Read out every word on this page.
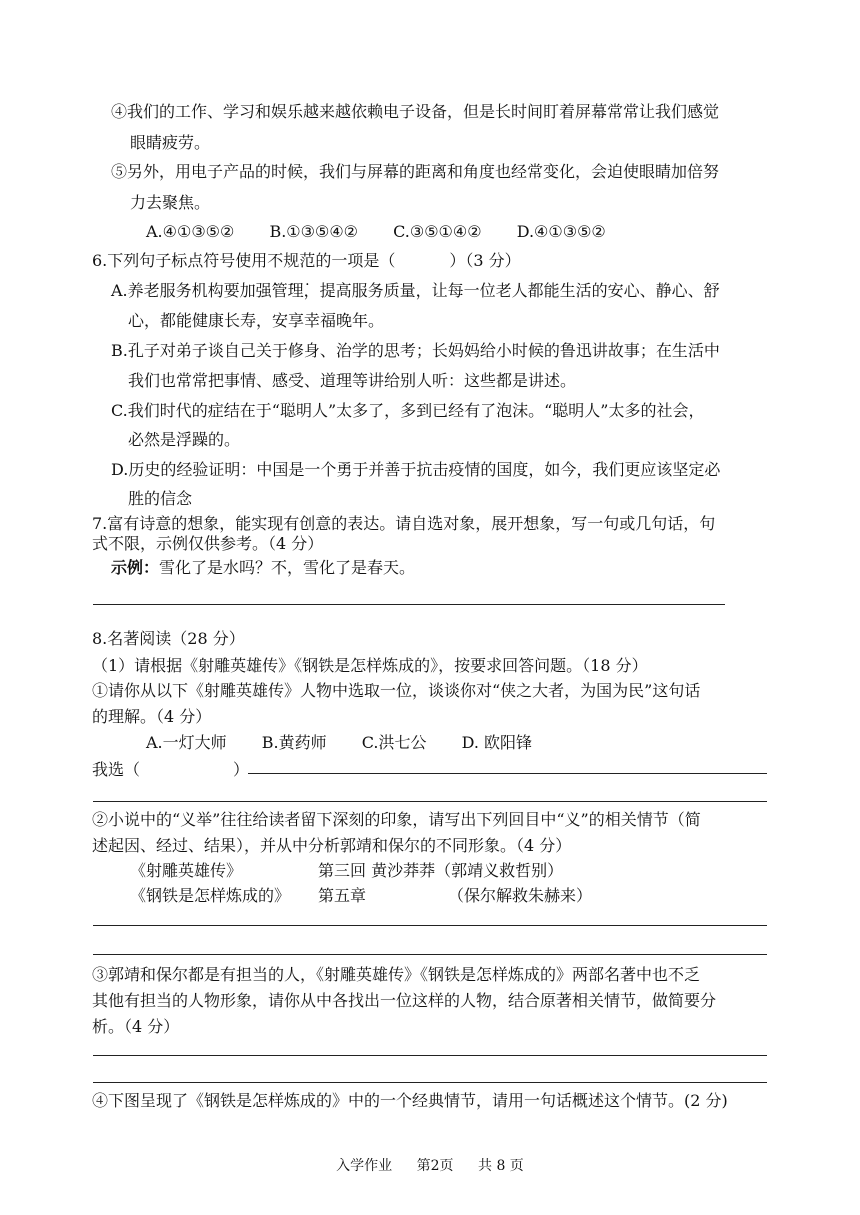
④我们的工作、学习和娱乐越来越依赖电子设备，但是长时间盯着屏幕常常让我们感觉
眼睛疲劳。
⑤另外，用电子产品的时候，我们与屏幕的距离和角度也经常变化，会迫使眼睛加倍努
力去聚焦。
A.④①③⑤② B.①③⑤④② C.③⑤①④② D.④①③⑤②
6.下列句子标点符号使用不规范的一项是（	）（3 分）
A.养老服务机构要加强管理，提高服务质量，让每一位老人都能生活的安心、静心、舒
心，都能健康长寿，安享幸福晚年。
B.孔子对弟子谈自己关于修身、治学的思考；长妈妈给小时候的鲁迅讲故事；在生活中
我们也常常把事情、感受、道理等讲给别人听：这些都是讲述。
C.我们时代的症结在于“聪明人”太多了，多到已经有了泡沫。“聪明人”太多的社会，
必然是浮躁的。
D.历史的经验证明：中国是一个勇于并善于抗击疫情的国度，如今，我们更应该坚定必
胜的信念
7.富有诗意的想象，能实现有创意的表达。请自选对象，展开想象，写一句或几句话，句
式不限，示例仅供参考。（4 分）
示例：雪化了是水吗？不，雪化了是春天。
8.名著阅读（28 分）
（1）请根据《射雕英雄传》《钢铁是怎样炼成的》，按要求回答问题。（18 分）
①请你从以下《射雕英雄传》人物中选取一位，谈谈你对“侠之大者，为国为民”这句话
的理解。（4 分）
A.一灯大师 B.黄药师 C.洪七公 D. 欧阳锋
我选（	）
②小说中的“义举”往往给读者留下深刻的印象，请写出下列回目中“义”的相关情节（简
述起因、经过、结果），并从中分析郭靖和保尔的不同形象。（4 分）
《射雕英雄传》	第三回 黄沙莽莽（郭靖义救哲别）
《钢铁是怎样炼成的》 第五章	（保尔解救朱赫来）
③郭靖和保尔都是有担当的人，《射雕英雄传》《钢铁是怎样炼成的》两部名著中也不乏
其他有担当的人物形象，请你从中各找出一位这样的人物，结合原著相关情节，做简要分
析。（4 分）
④下图呈现了《钢铁是怎样炼成的》中的一个经典情节，请用一句话概述这个情节。(2 分)
入学作业 第2页 共 8 页
